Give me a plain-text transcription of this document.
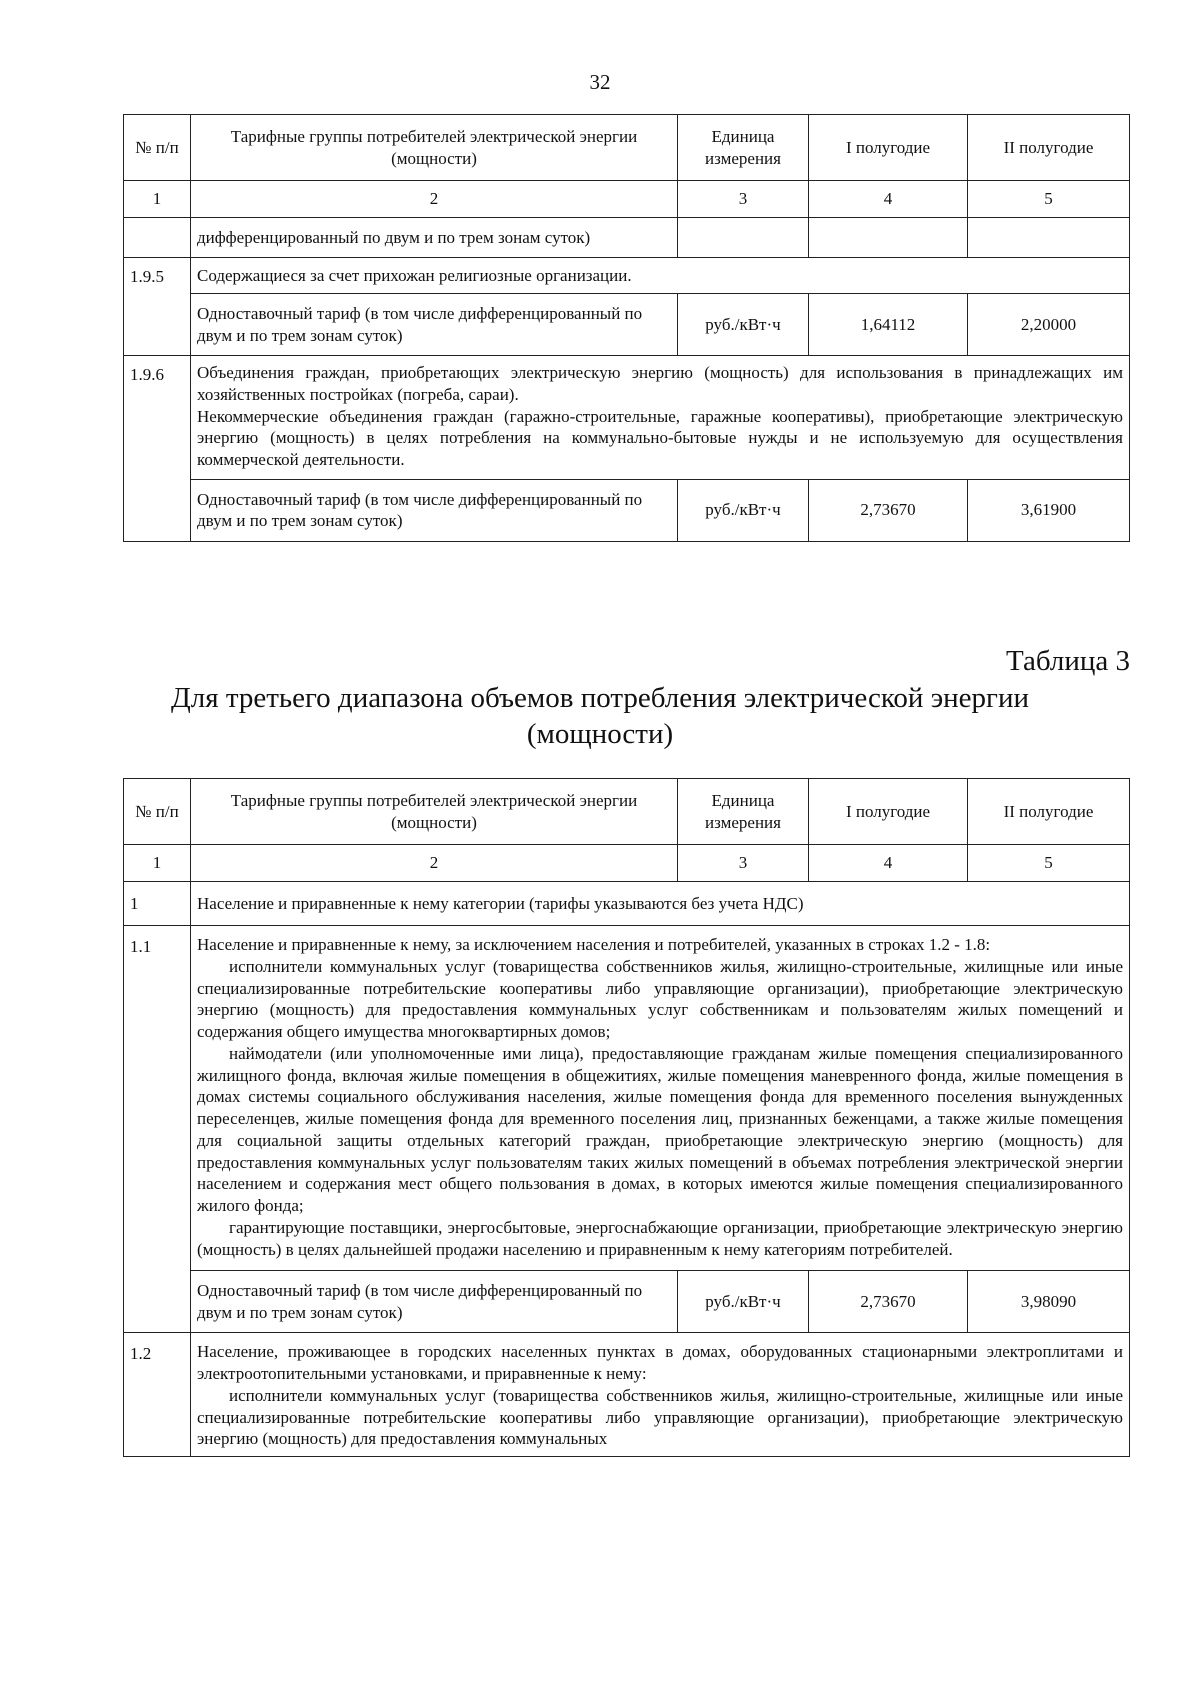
32
№ п/п	Тарифные группы потребителей электрической энергии (мощности)	Единица измерения	I полугодие	II полугодие
1	2	3	4	5
	дифференцированный по двум и по трем зонам суток)			
1.9.5	Содержащиеся за счет прихожан религиозные организации.			
	Одноставочный тариф (в том числе дифференцированный по двум и по трем зонам суток)	руб./кВт·ч	1,64112	2,20000
1.9.6	Объединения граждан, приобретающих электрическую энергию (мощность) для использования в принадлежащих им хозяйственных постройках (погреба, сараи).

Некоммерческие объединения граждан (гаражно-строительные, гаражные кооперативы), приобретающие электрическую энергию (мощность) в целях потребления на коммунально-бытовые нужды и не используемую для осуществления коммерческой деятельности.			

	Одноставочный тариф (в том числе дифференцированный по двум и по трем зонам суток)	руб./кВт·ч	2,73670	3,61900
Таблица 3
Для третьего диапазона объемов потребления электрической энергии (мощности)
№ п/п	Тарифные группы потребителей электрической энергии (мощности)	Единица измерения	I полугодие	II полугодие
1	2	3	4	5
1	Население и приравненные к нему категории (тарифы указываются без учета НДС)			
1.1	Население и приравненные к нему, за исключением населения и потребителей, указанных в строках 1.2 - 1.8:

исполнители коммунальных услуг (товарищества собственников жилья, жилищно-строительные, жилищные или иные специализированные потребительские кооперативы либо управляющие организации), приобретающие электрическую энергию (мощность) для предоставления коммунальных услуг собственникам и пользователям жилых помещений и содержания общего имущества многоквартирных домов;

наймодатели (или уполномоченные ими лица), предоставляющие гражданам жилые помещения специализированного жилищного фонда, включая жилые помещения в общежитиях, жилые помещения маневренного фонда, жилые помещения в домах системы социального обслуживания населения, жилые помещения фонда для временного поселения вынужденных переселенцев, жилые помещения фонда для временного поселения лиц, признанных беженцами, а также жилые помещения для социальной защиты отдельных категорий граждан, приобретающие электрическую энергию (мощность) для предоставления коммунальных услуг пользователям таких жилых помещений в объемах потребления электрической энергии населением и содержания мест общего пользования в домах, в которых имеются жилые помещения специализированного жилого фонда;

гарантирующие поставщики, энергосбытовые, энергоснабжающие организации, приобретающие электрическую энергию (мощность) в целях дальнейшей продажи населению и приравненным к нему категориям потребителей.			

	Одноставочный тариф (в том числе дифференцированный по двум и по трем зонам суток)	руб./кВт·ч	2,73670	3,98090
1.2	Население, проживающее в городских населенных пунктах в домах, оборудованных стационарными электроплитами и электроотопительными установками, и приравненные к нему:

исполнители коммунальных услуг (товарищества собственников жилья, жилищно-строительные, жилищные или иные специализированные потребительские кооперативы либо управляющие организации), приобретающие электрическую энергию (мощность) для предоставления коммунальных			
